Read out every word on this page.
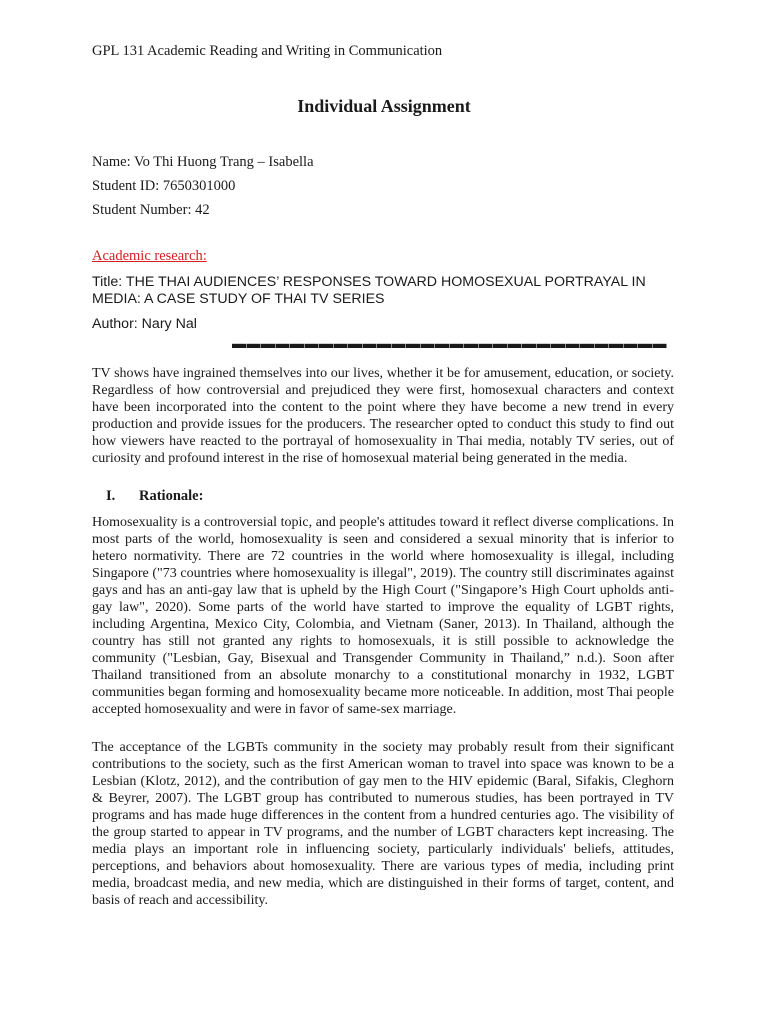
GPL 131 Academic Reading and Writing in Communication
Individual Assignment
Name: Vo Thi Huong Trang – Isabella
Student ID: 7650301000
Student Number: 42
Academic research:
Title: THE THAI AUDIENCES’ RESPONSES TOWARD HOMOSEXUAL PORTRAYAL IN MEDIA: A CASE STUDY OF THAI TV SERIES
Author: Nary Nal
▬▬▬▬▬▬▬▬▬▬▬▬▬▬▬▬▬▬▬▬▬▬▬▬▬▬▬▬▬▬

TV shows have ingrained themselves into our lives, whether it be for amusement, education, or society. Regardless of how controversial and prejudiced they were first, homosexual characters and context have been incorporated into the content to the point where they have become a new trend in every production and provide issues for the producers. The researcher opted to conduct this study to find out how viewers have reacted to the portrayal of homosexuality in Thai media, notably TV series, out of curiosity and profound interest in the rise of homosexual material being generated in the media.

I. Rationale:

Homosexuality is a controversial topic, and people's attitudes toward it reflect diverse complications. In most parts of the world, homosexuality is seen and considered a sexual minority that is inferior to hetero normativity. There are 72 countries in the world where homosexuality is illegal, including Singapore ("73 countries where homosexuality is illegal", 2019). The country still discriminates against gays and has an anti-gay law that is upheld by the High Court ("Singapore’s High Court upholds anti-gay law", 2020). Some parts of the world have started to improve the equality of LGBT rights, including Argentina, Mexico City, Colombia, and Vietnam (Saner, 2013). In Thailand, although the country has still not granted any rights to homosexuals, it is still possible to acknowledge the community ("Lesbian, Gay, Bisexual and Transgender Community in Thailand,” n.d.). Soon after Thailand transitioned from an absolute monarchy to a constitutional monarchy in 1932, LGBT communities began forming and homosexuality became more noticeable. In addition, most Thai people accepted homosexuality and were in favor of same-sex marriage.

The acceptance of the LGBTs community in the society may probably result from their significant contributions to the society, such as the first American woman to travel into space was known to be a Lesbian (Klotz, 2012), and the contribution of gay men to the HIV epidemic (Baral, Sifakis, Cleghorn & Beyrer, 2007). The LGBT group has contributed to numerous studies, has been portrayed in TV programs and has made huge differences in the content from a hundred centuries ago. The visibility of the group started to appear in TV programs, and the number of LGBT characters kept increasing. The media plays an important role in influencing society, particularly individuals' beliefs, attitudes, perceptions, and behaviors about homosexuality. There are various types of media, including print media, broadcast media, and new media, which are distinguished in their forms of target, content, and basis of reach and accessibility.
